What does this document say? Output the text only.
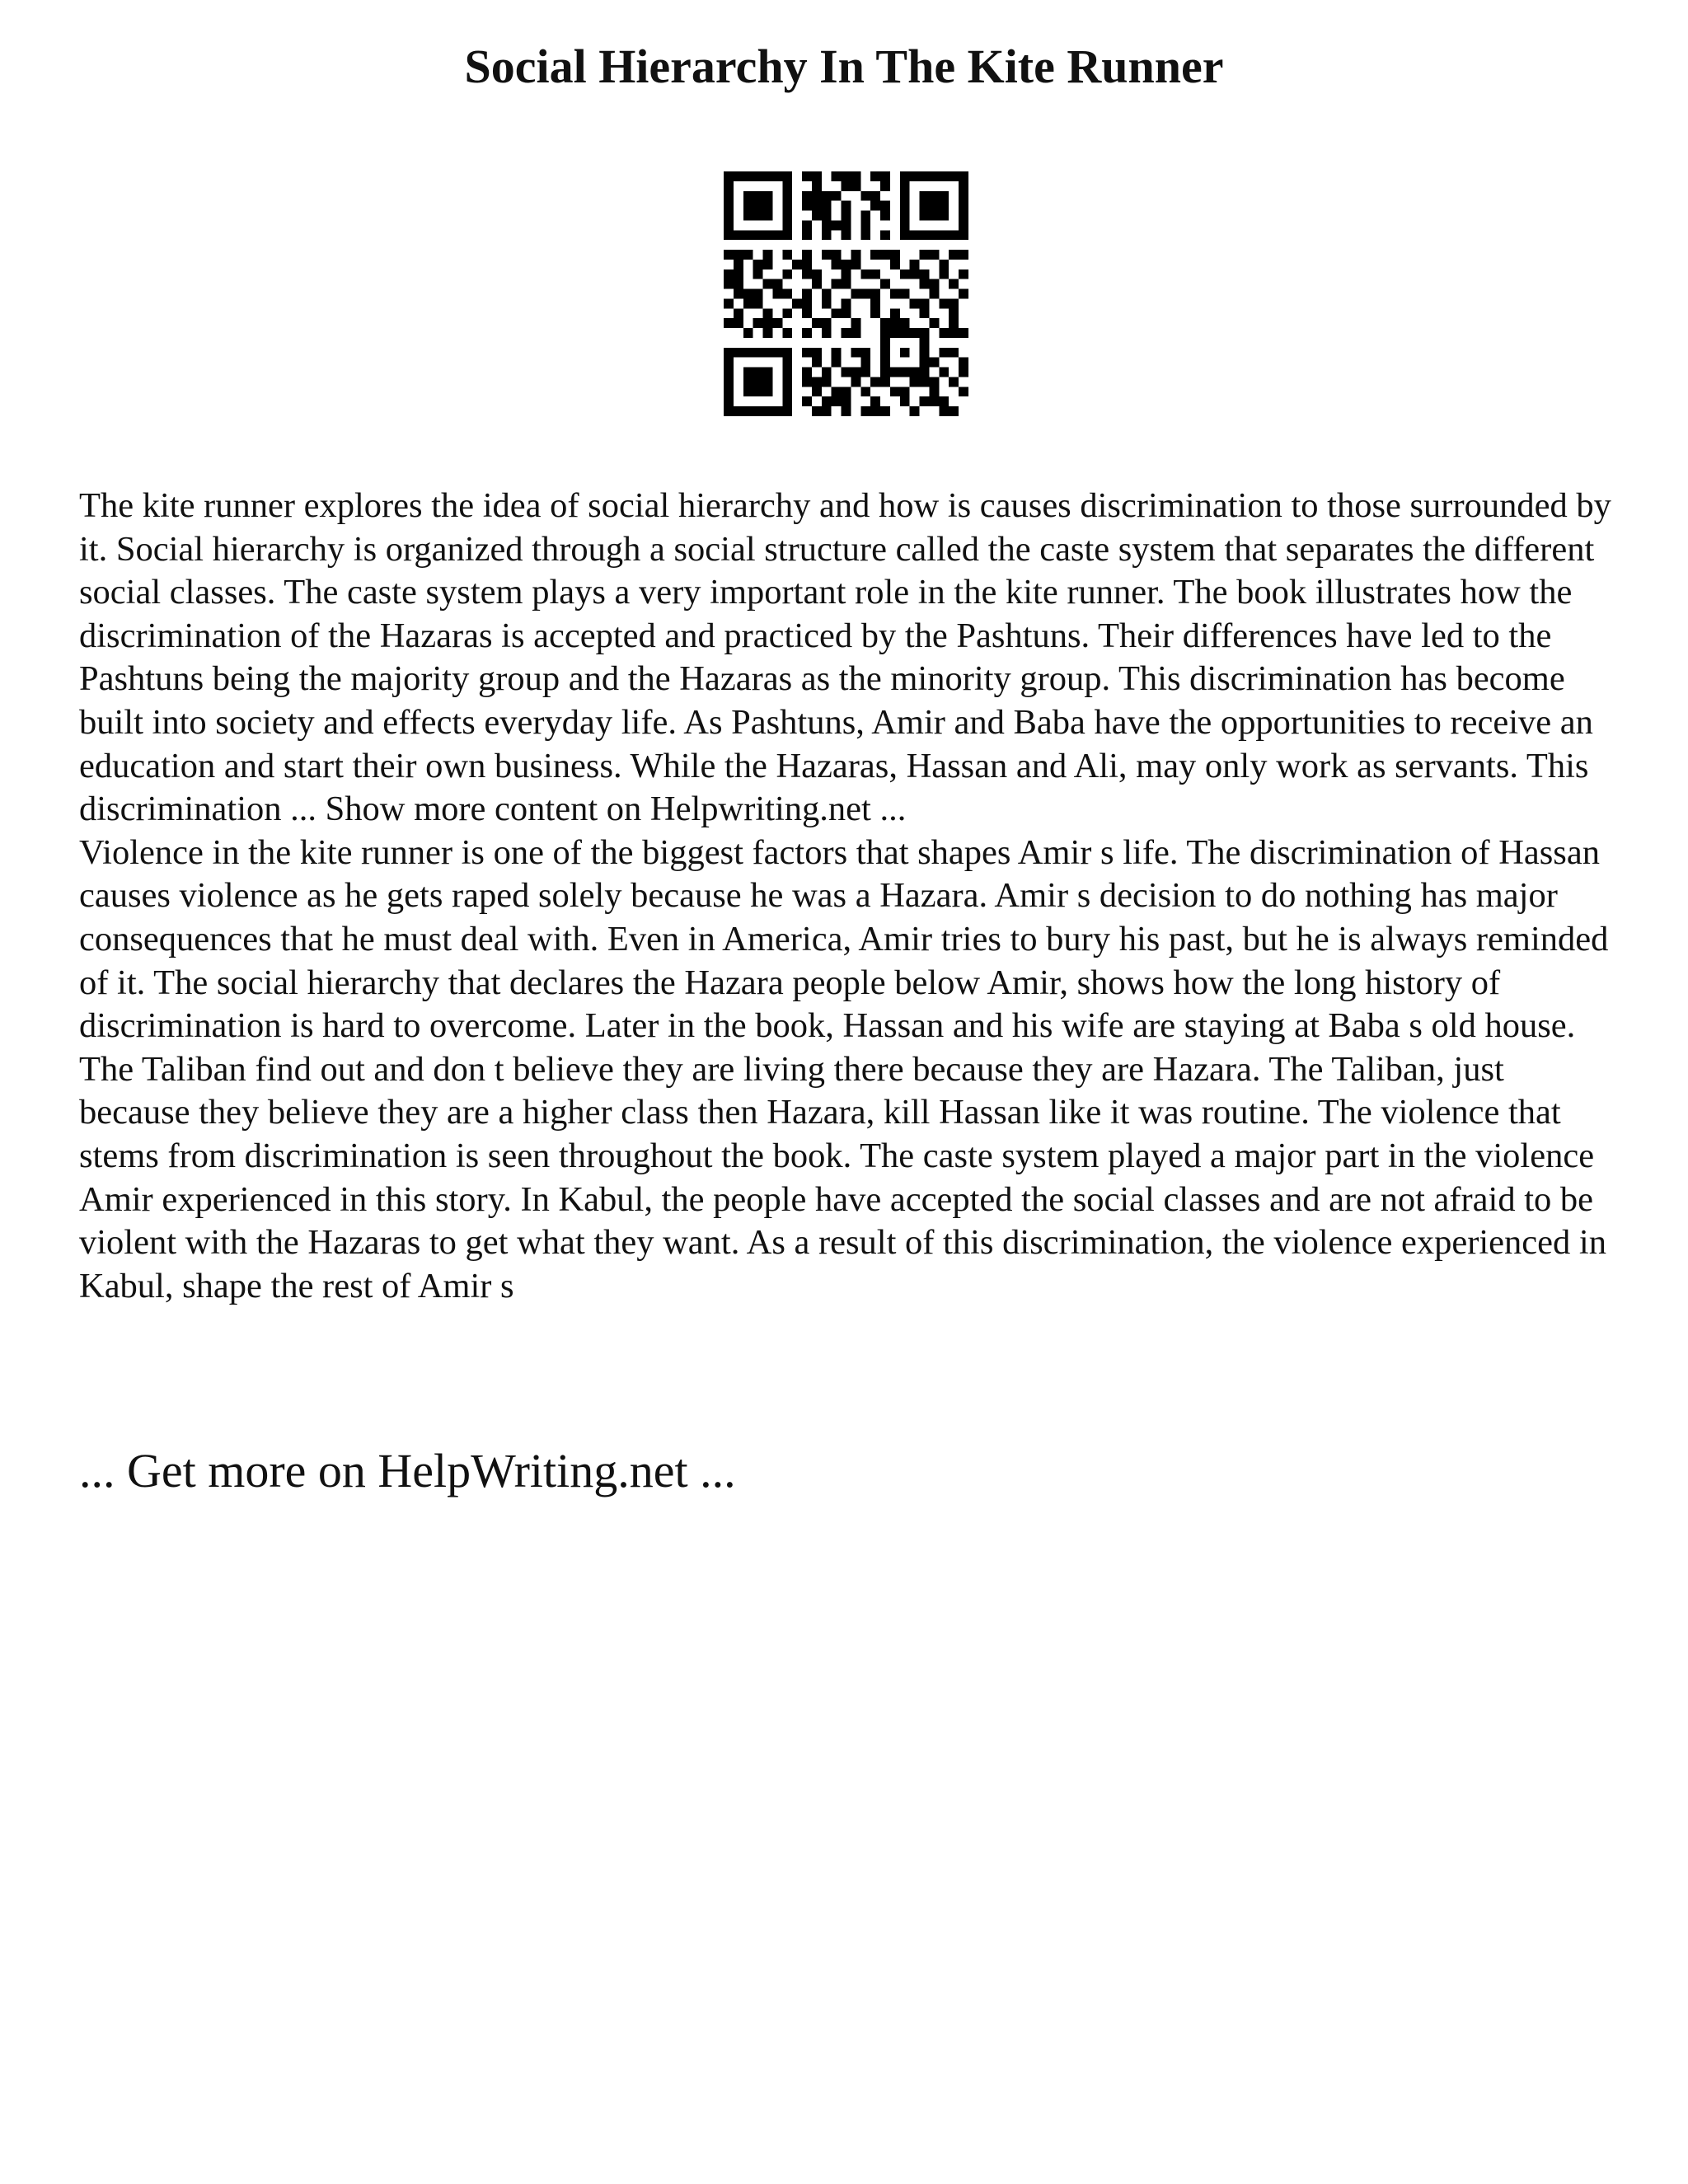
Social Hierarchy In The Kite Runner

The kite runner explores the idea of social hierarchy and how is causes discrimination to those surrounded by it. Social hierarchy is organized through a social structure called the caste system that separates the different social classes. The caste system plays a very important role in the kite runner. The book illustrates how the discrimination of the Hazaras is accepted and practiced by the Pashtuns. Their differences have led to the Pashtuns being the majority group and the Hazaras as the minority group. This discrimination has become built into society and effects everyday life. As Pashtuns, Amir and Baba have the opportunities to receive an education and start their own business. While the Hazaras, Hassan and Ali, may only work as servants. This discrimination ... Show more content on Helpwriting.net ...

Violence in the kite runner is one of the biggest factors that shapes Amir s life. The discrimination of Hassan causes violence as he gets raped solely because he was a Hazara. Amir s decision to do nothing has major consequences that he must deal with. Even in America, Amir tries to bury his past, but he is always reminded of it. The social hierarchy that declares the Hazara people below Amir, shows how the long history of discrimination is hard to overcome. Later in the book, Hassan and his wife are staying at Baba s old house. The Taliban find out and don t believe they are living there because they are Hazara. The Taliban, just because they believe they are a higher class then Hazara, kill Hassan like it was routine. The violence that stems from discrimination is seen throughout the book. The caste system played a major part in the violence Amir experienced in this story. In Kabul, the people have accepted the social classes and are not afraid to be violent with the Hazaras to get what they want. As a result of this discrimination, the violence experienced in Kabul, shape the rest of Amir s

... Get more on HelpWriting.net ...
